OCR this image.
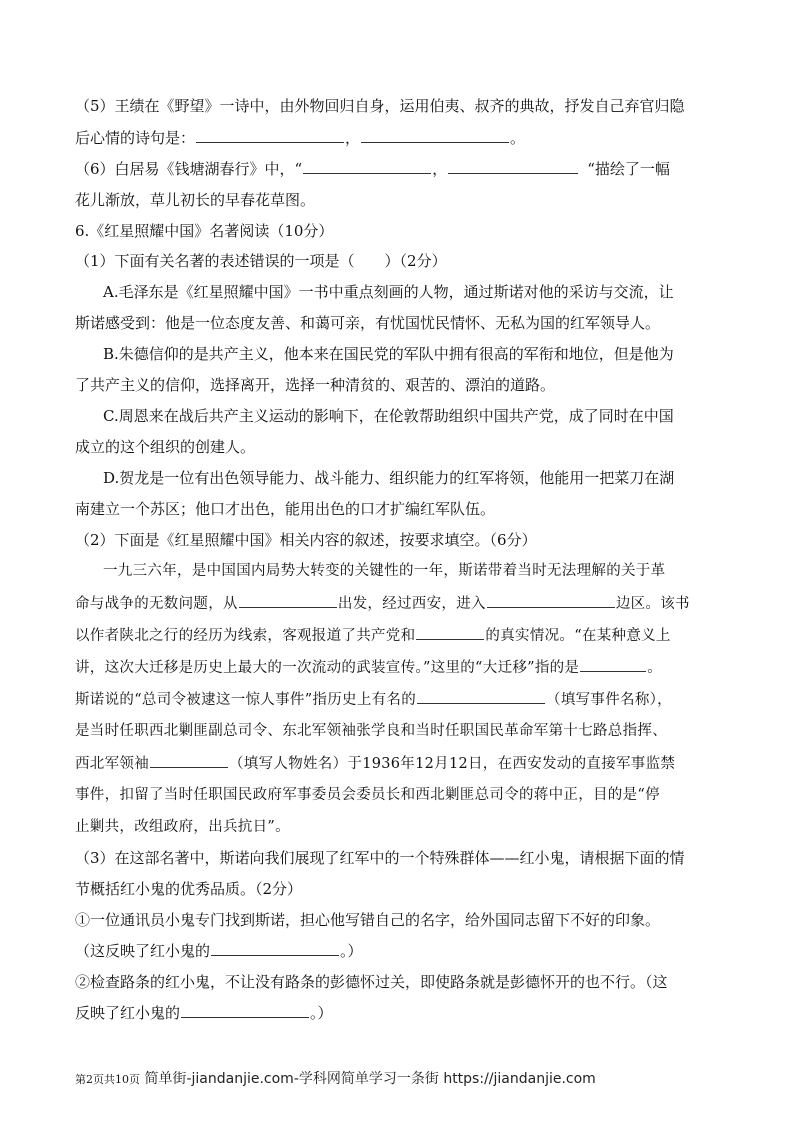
（5）王绩在《野望》一诗中，由外物回归自身，运用伯夷、叔齐的典故，抒发自己弃官归隐
后心情的诗句是：	，	。
（6）白居易《钱塘湖春行》中，“	，	“描绘了一幅
花儿渐放，草儿初长的早春花草图。
6.《红星照耀中国》名著阅读（10分）
（1）下面有关名著的表述错误的一项是（　　）（2分）
A.毛泽东是《红星照耀中国》一书中重点刻画的人物，通过斯诺对他的采访与交流，让
斯诺感受到：他是一位态度友善、和蔼可亲，有忧国忧民情怀、无私为国的红军领导人。
B.朱德信仰的是共产主义，他本来在国民党的军队中拥有很高的军衔和地位，但是他为
了共产主义的信仰，选择离开，选择一种清贫的、艰苦的、漂泊的道路。
C.周恩来在战后共产主义运动的影响下，在伦敦帮助组织中国共产党，成了同时在中国
成立的这个组织的创建人。
D.贺龙是一位有出色领导能力、战斗能力、组织能力的红军将领，他能用一把菜刀在湖
南建立一个苏区；他口才出色，能用出色的口才扩编红军队伍。
（2）下面是《红星照耀中国》相关内容的叙述，按要求填空。（6分）
一九三六年，是中国国内局势大转变的关键性的一年，斯诺带着当时无法理解的关于革
命与战争的无数问题，从	出发，经过西安，进入	边区。该书
以作者陕北之行的经历为线索，客观报道了共产党和	的真实情况。“在某种意义上
讲，这次大迁移是历史上最大的一次流动的武装宣传。”这里的“大迁移”指的是	。
斯诺说的“总司令被逮这一惊人事件”指历史上有名的	（填写事件名称），
是当时任职西北剿匪副总司令、东北军领袖张学良和当时任职国民革命军第十七路总指挥、
西北军领袖	（填写人物姓名）于1936年12月12日，在西安发动的直接军事监禁
事件，扣留了当时任职国民政府军事委员会委员长和西北剿匪总司令的蒋中正，目的是“停
止剿共，改组政府，出兵抗日”。
（3）在这部名著中，斯诺向我们展现了红军中的一个特殊群体——红小鬼，请根据下面的情
节概括红小鬼的优秀品质。（2分）
①一位通讯员小鬼专门找到斯诺，担心他写错自己的名字，给外国同志留下不好的印象。
（这反映了红小鬼的	。）
②检查路条的红小鬼，不让没有路条的彭德怀过关，即使路条就是彭德怀开的也不行。（这
反映了红小鬼的	。）
第2页共10页 简单街-jiandanjie.com-学科网简单学习一条街 https://jiandanjie.com
